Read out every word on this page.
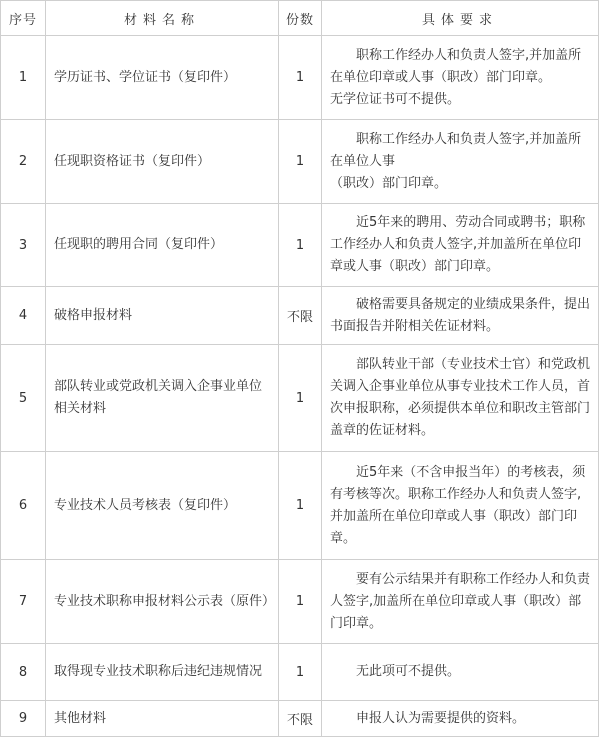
序号	材料名称	份数	具体要求
1	学历证书、学位证书（复印件）	1	　　职称工作经办人和负责人签字,并加盖所在单位印章或人事（职改）部门印章。
无学位证书可不提供。

2	任现职资格证书（复印件）	1	　　职称工作经办人和负责人签字,并加盖所在单位人事
（职改）部门印章。

3	任现职的聘用合同（复印件）	1	　　近5年来的聘用、劳动合同或聘书；职称工作经办人和负责人签字,并加盖所在单位印章或人事（职改）部门印章。

4	破格申报材料	不限	　　破格需要具备规定的业绩成果条件，提出书面报告并附相关佐证材料。

5	部队转业或党政机关调入企事业单位相关材料	1	　　部队转业干部（专业技术士官）和党政机关调入企事业单位从事专业技术工作人员，首次申报职称，必须提供本单位和职改主管部门盖章的佐证材料。

6	专业技术人员考核表（复印件）	1	　　近5年来（不含申报当年）的考核表，须有考核等次。职称工作经办人和负责人签字,并加盖所在单位印章或人事（职改）部门印章。

7	专业技术职称申报材料公示表（原件）	1	　　要有公示结果并有职称工作经办人和负责人签字,加盖所在单位印章或人事（职改）部门印章。

8	取得现专业技术职称后违纪违规情况	1	　　无此项可不提供。

9	其他材料	不限	　　申报人认为需要提供的资料。
